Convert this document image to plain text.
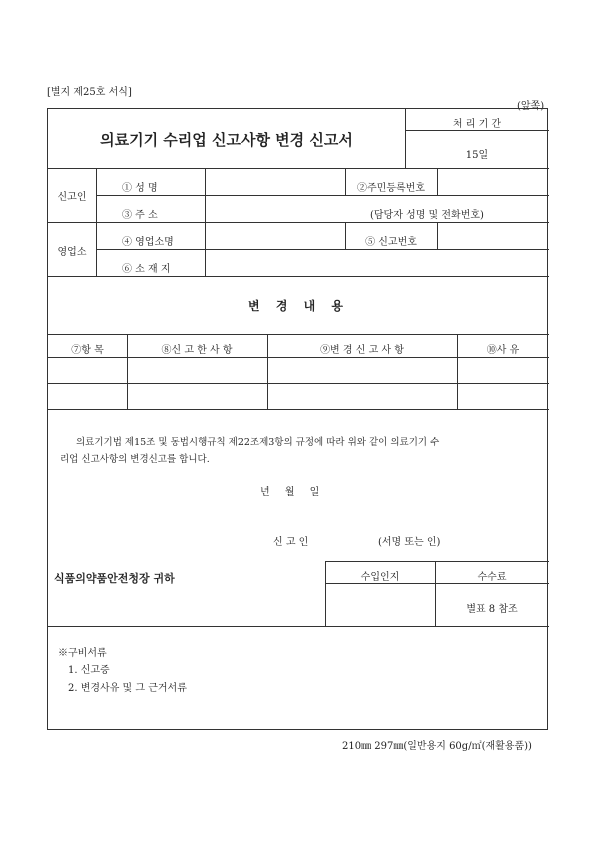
[별지 제25호 서식]
(앞쪽)
의료기기 수리업 신고사항 변경 신고서
처 리 기 간
15일
신고인
① 성 명	②주민등록번호
③ 주 소	(담당자 성명 및 전화번호)
영업소
④ 영업소명	⑤ 신고번호
⑥ 소 재 지
변 경 내 용
⑦항 목	⑧신 고 한 사 항	⑨변 경 신 고 사 항	⑩사 유
의료기기법 제15조 및 동법시행규칙 제22조제3항의 규정에 따라 위와 같이 의료기기 수
리업 신고사항의 변경신고를 합니다.
년 월 일
신 고 인	(서명 또는 인)
식품의약품안전청장 귀하	수입인지	수수료
별표 8 참조
※구비서류
1. 신고증
2. 변경사유 및 그 근거서류
210㎜ 297㎜(일반용지 60g/㎡(재활용품))
